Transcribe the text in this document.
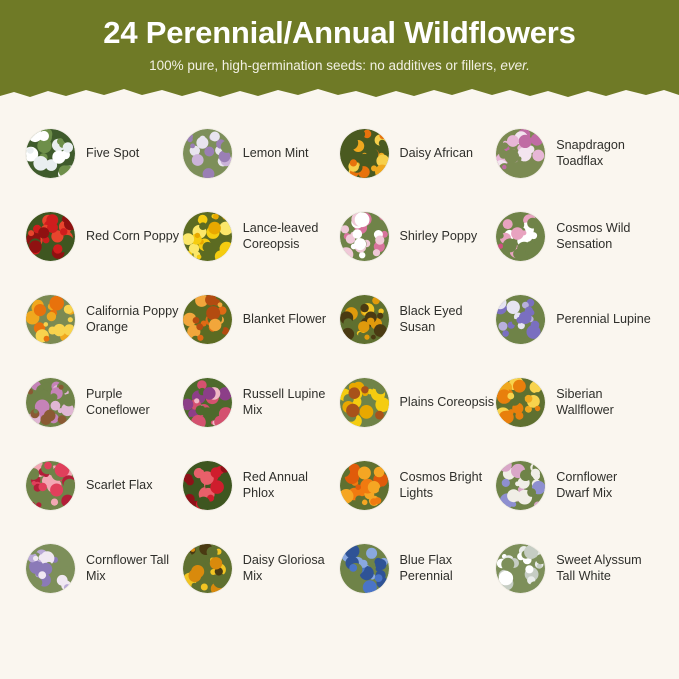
24 Perennial/Annual Wildflowers
100% pure, high-germination seeds: no additives or fillers, ever.
Five Spot	Lemon Mint	Daisy African
Snapdragon Toadflax
Red Corn Poppy
Lance-leaved Coreopsis
Shirley Poppy
Cosmos Wild Sensation
California Poppy Orange
Blanket Flower
Black Eyed Susan
Perennial Lupine
Purple Coneflower
Russell Lupine Mix
Plains Coreopsis
Siberian Wallflower
Scarlet Flax
Red Annual Phlox
Cosmos Bright Lights
Cornflower Dwarf Mix
Cornflower Tall Mix
Daisy Gloriosa Mix
Blue Flax Perennial
Sweet Alyssum Tall White
